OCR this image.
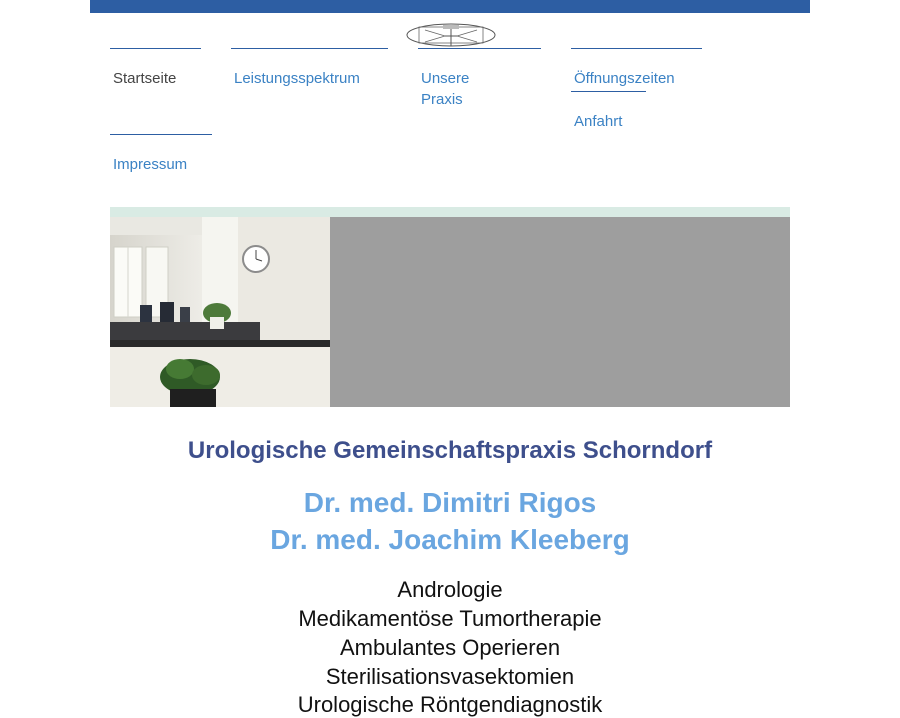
Startseite	Leistungsspektrum	Unsere
Praxis
Öffnungszeiten
Anfahrt
Impressum
Urologische Gemeinschaftspraxis Schorndorf
Dr. med. Dimitri Rigos
Dr. med. Joachim Kleeberg
Andrologie
Medikamentöse Tumortherapie
Ambulantes Operieren
Sterilisationsvasektomien
Urologische Röntgendiagnostik
